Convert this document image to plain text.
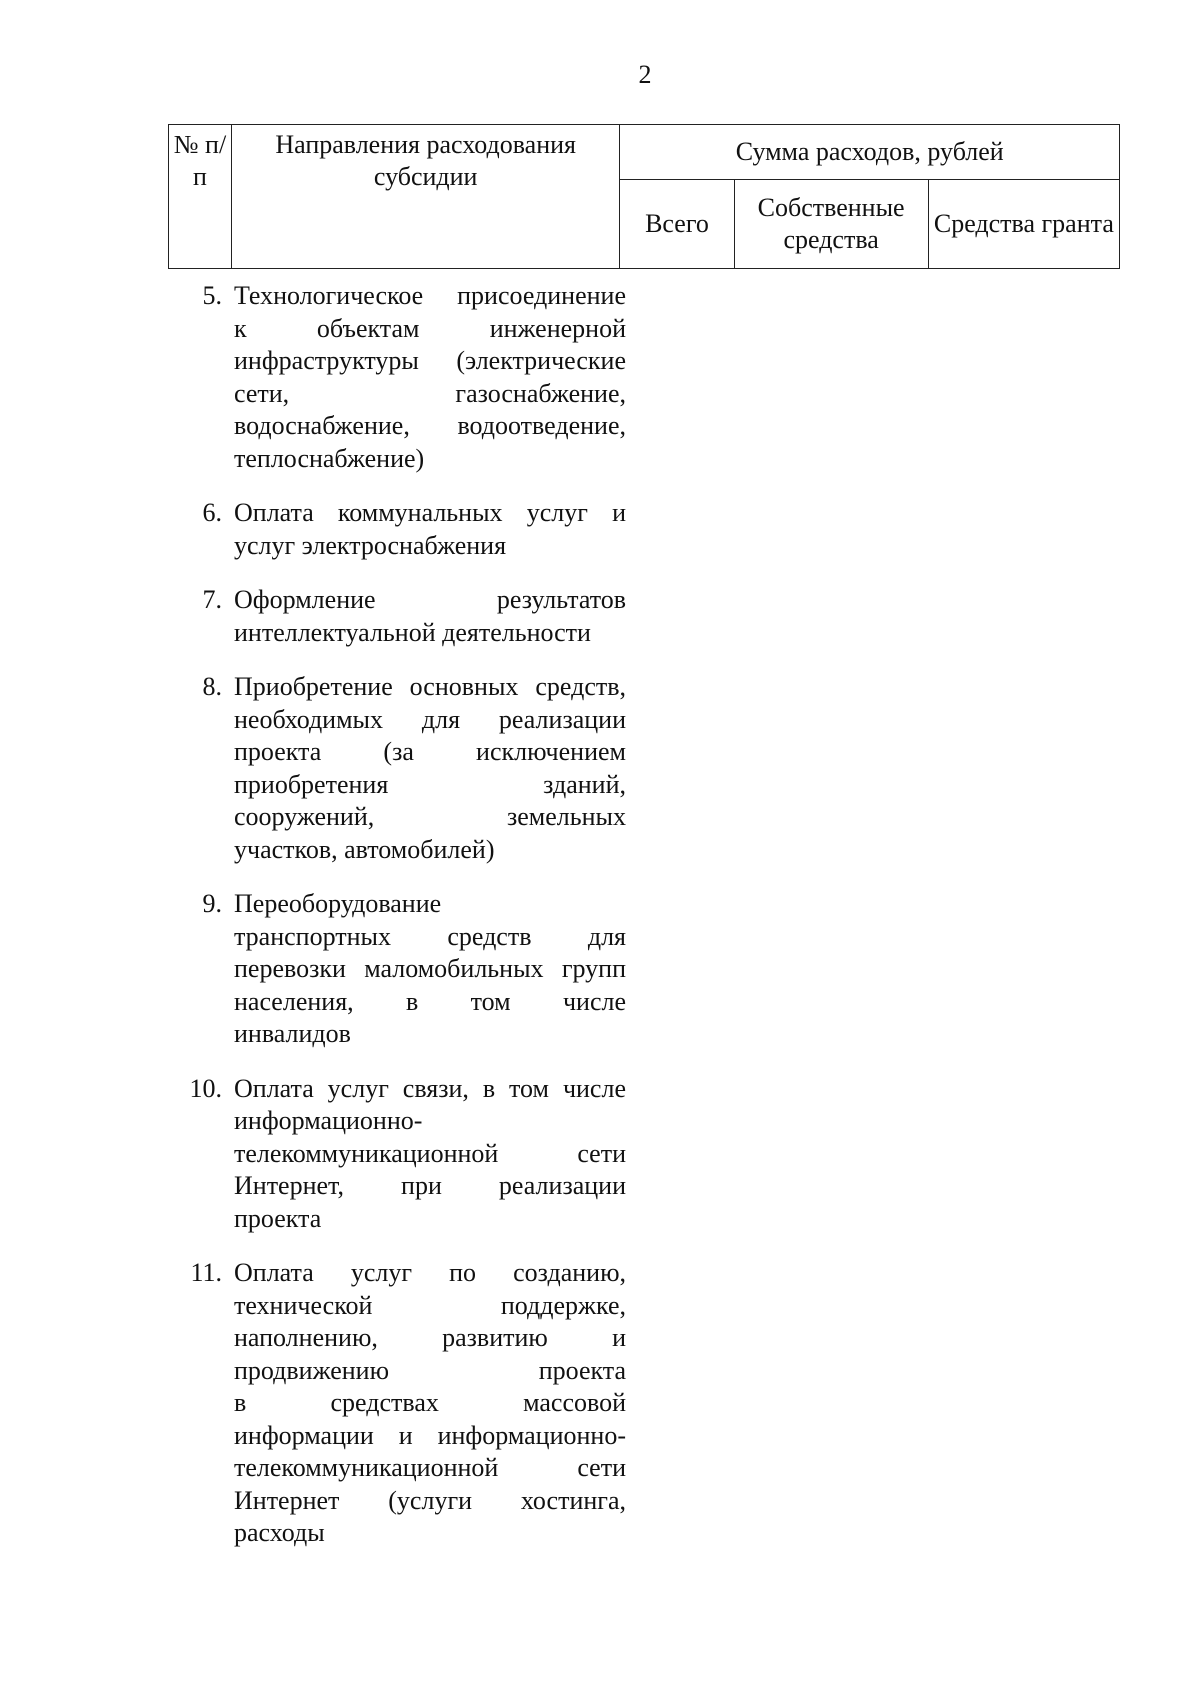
2
№ п/п	Направления расходования субсидии	Сумма расходов, рублей		
		Всего	Собственные средства	Средства гранта
5. Технологическое присоединение
к объектам инженерной
инфраструктуры (электрические
сети, газоснабжение,
водоснабжение, водоотведение,
теплоснабжение)
6. Оплата коммунальных услуг и
услуг электроснабжения
7. Оформление результатов
интеллектуальной деятельности
8. Приобретение основных средств,
необходимых для реализации
проекта (за исключением
приобретения зданий,
сооружений, земельных
участков, автомобилей)
9. Переоборудование
транспортных средств для
перевозки маломобильных групп
населения, в том числе
инвалидов
10. Оплата услуг связи, в том числе
информационно-
телекоммуникационной сети
Интернет, при реализации
проекта
11. Оплата услуг по созданию,
технической поддержке,
наполнению, развитию и
продвижению проекта
в средствах массовой
информации и информационно-
телекоммуникационной сети
Интернет (услуги хостинга,
расходы
